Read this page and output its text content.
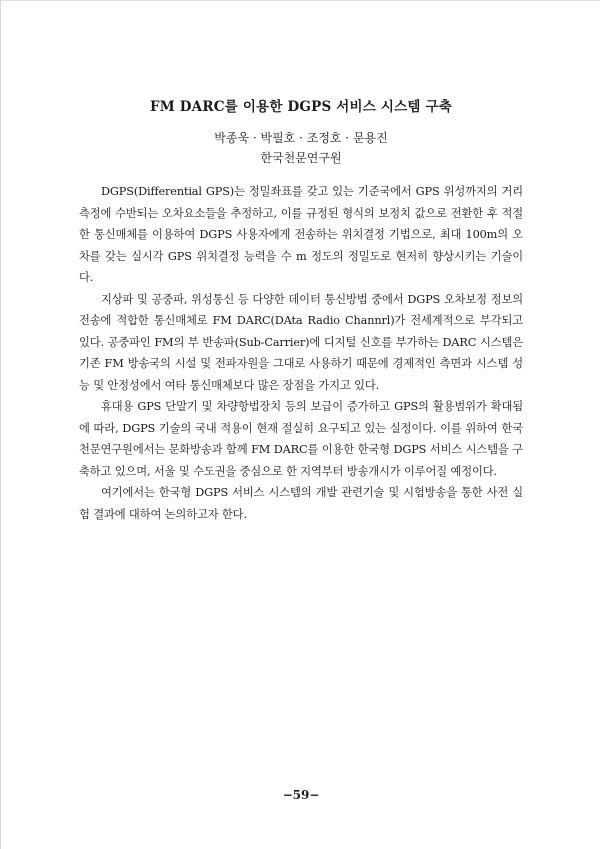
FM DARC를 이용한 DGPS 서비스 시스템 구축
박종욱 · 박필호 · 조정호 · 문용진
한국천문연구원

DGPS(Differential GPS)는 정밀좌표를 갖고 있는 기준국에서 GPS 위성까지의 거리측정에 수반되는 오차요소들을 추정하고, 이를 규정된 형식의 보정치 값으로 전환한 후 적절한 통신매체를 이용하여 DGPS 사용자에게 전송하는 위치결정 기법으로, 최대 100m의 오차를 갖는 실시각 GPS 위치결정 능력을 수 m 정도의 정밀도로 현저히 향상시키는 기술이다.

지상파 및 공중파, 위성통신 등 다양한 데이터 통신방법 중에서 DGPS 오차보정 정보의 전송에 적합한 통신매체로 FM DARC(DAta Radio Channrl)가 전세계적으로 부각되고 있다. 공중파인 FM의 부 반송파(Sub-Carrier)에 디지털 신호를 부가하는 DARC 시스템은 기존 FM 방송국의 시설 및 전파자원을 그대로 사용하기 때문에 경제적인 측면과 시스템 성능 및 안정성에서 여타 통신매체보다 많은 장점을 가지고 있다.

휴대용 GPS 단말기 및 차량항법장치 등의 보급이 증가하고 GPS의 활용범위가 확대됨에 따라, DGPS 기술의 국내 적용이 현재 절실히 요구되고 있는 실정이다. 이를 위하여 한국천문연구원에서는 문화방송과 함께 FM DARC를 이용한 한국형 DGPS 서비스 시스템을 구축하고 있으며, 서울 및 수도권을 중심으로 한 지역부터 방송개시가 이루어질 예정이다.

여기에서는 한국형 DGPS 서비스 시스템의 개발 관련기술 및 시험방송을 통한 사전 실험 결과에 대하여 논의하고자 한다.

−59−
